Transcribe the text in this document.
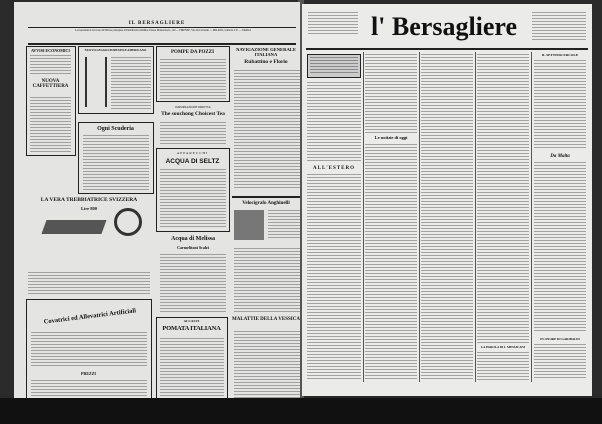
IL BERSAGLIERE
Le inserzioni si ricevono all'Ufficio principale di Pubblicità in ROMA, Piazza Montecitorio, 129 — FIRENZE, Via dei Cerretani — MILANO, Galleria V. E. — PARIGI
AVVISI ECONOMICI
NUOVA CAFFETTIERA
NUOVO LEGGIO PORTATILE AMERICANO
Ogni Scuderia
POMPE DA POZZI
IMPORTAZIONE DIRETTA
The souchong Choicest Tea
APPARECCHI
ACQUA DI SELTZ
Acqua di Melissa
Carmelitani Scalzi
AI CALVI
POMATA ITALIANA
NAVIGAZIONE GENERALE ITALIANA
Rubattino e Florio
Velocigrafo Anghinelli
MALATTIE DELLA VESSICA
LA VERA TREBBIATRICE SVIZZERA
Lire 800
Covatrici ed Allevatrici Artificiali
PREZZI
l' Bersagliere
ALL'ESTERO
Le notizie di oggi
LA PAROLA DI I. MESSICANI
IL SETTIMO ERCOLE
Da Malta
IN ONORE DI GARIBALDI
